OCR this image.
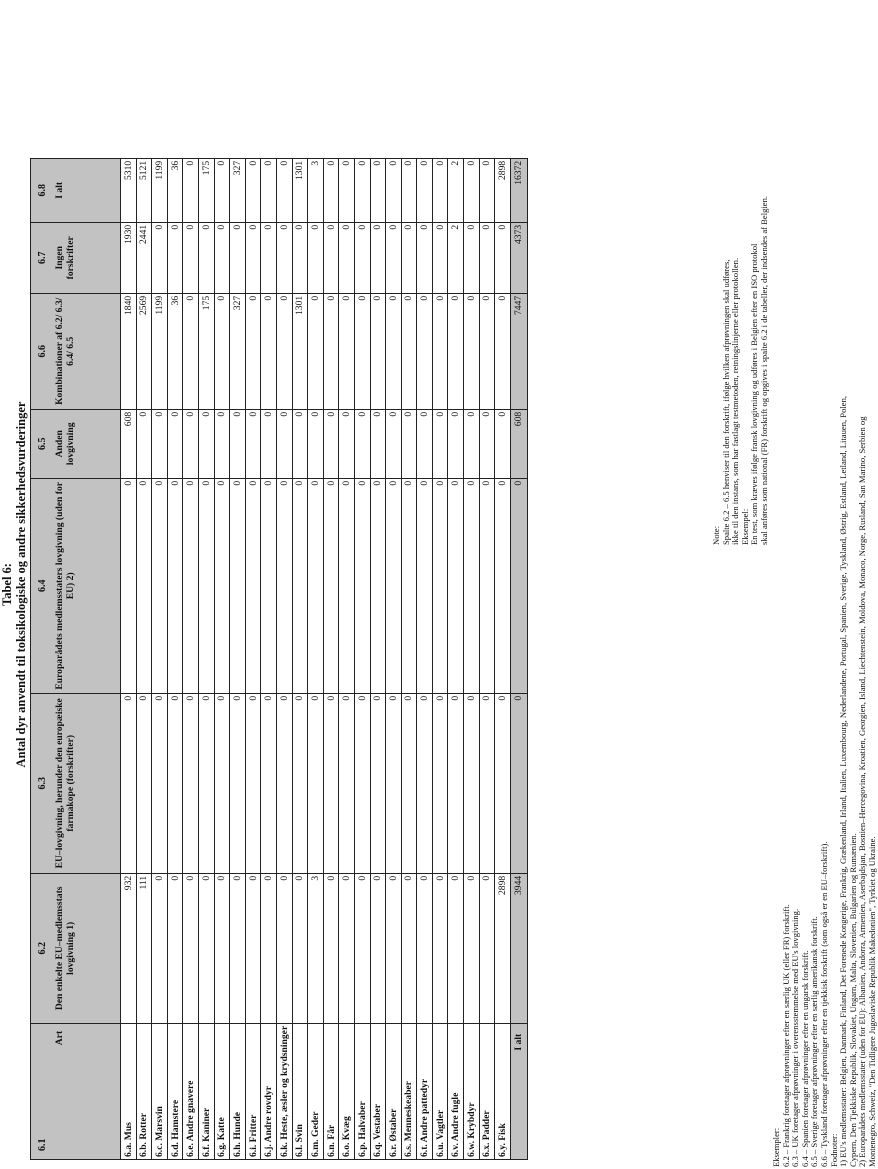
Tabel 6: Antal dyr anvendt til toksikologiske og andre sikkerhedsvurderinger
6.1
Art	6.2 Den enkelte EU–medlemsstats lovgivning 1)	6.3 EU–lovgivning, herunder den europæiske farmakope (forskrifter)	6.4 Europarådets medlemsstaters lovgivning (uden for EU) 2)	6.5 Anden lovgivning	6.6 Kombinationer af 6.2/ 6.3/ 6.4/ 6.5	6.7 Ingen forskrifter	6.8 I alt
6.a. Mus	932	0	0	608	1840	1930	5310
6.b. Rotter	111	0	0	0	2569	2441	5121
6.c. Marsvin	0	0	0	0	1199	0	1199
6.d. Hamstere	0	0	0	0	36	0	36
6.e. Andre gnavere	0	0	0	0	0	0	0
6.f. Kaniner	0	0	0	0	175	0	175
6.g. Katte	0	0	0	0	0	0	0
6.h. Hunde	0	0	0	0	327	0	327
6.i. Fritter	0	0	0	0	0	0	0
6.j. Andre rovdyr	0	0	0	0	0	0	0
6.k. Heste, æsler og krydsninger	0	0	0	0	0	0	0
6.l. Svin	0	0	0	0	1301	0	1301
6.m. Geder	3	0	0	0	0	0	3
6.n. Får	0	0	0	0	0	0	0
6.o. Kvæg	0	0	0	0	0	0	0
6.p. Halvaber	0	0	0	0	0	0	0
6.q. Vestaber	0	0	0	0	0	0	0
6.r. Østaber	0	0	0	0	0	0	0
6.s. Menneskeaber	0	0	0	0	0	0	0
6.t. Andre pattedyr	0	0	0	0	0	0	0
6.u. Vagtler	0	0	0	0	0	0	0
6.v. Andre fugle	0	0	0	0	0	2	2
6.w. Krybdyr	0	0	0	0	0	0	0
6.x. Padder	0	0	0	0	0	0	0
6.y. Fisk	2898	0	0	0	0	0	2898
I alt	3944	0	0	608	7447	4373	16372
Eksempler: 6.2 – Frankrig foretager afprøvninger efter en særlig UK (eller FR) forskrift. 6.3 – UK foretager afprøvninger i overensstemmelse med EU's lovgivning. 6.4 – Spanien foretager afprøvninger efter en ungarsk forskrift. 6.5 – Sverige foretager afprøvninger efter en særlig amerikansk forskrift. 6.6 – Tyskland foretager afprøvninger efter en tjekkisk forskrift (som også er en EU–forskrift). Fodnoter: 1) EU's medlemsstater: Belgien, Danmark, Finland, Det Forenede Kongerige, Frankrig, Grækenland, Irland, Italien, Luxembourg, Nederlandene, Portugal, Spanien, Sverige, Tyskland, Østrig, Estland, Letland, Litauen, Polen, Cypern, Den Tjekkiske Republik, Slovakiet, Ungarn, Malta, Slovenien, Bulgarien og Rumænien. 2) Europarådets medlemsstater (uden for EU): Albanien, Andorra, Armenien, Aserbajdsjan, Bosnien–Hercegovina, Kroatien, Georgien, Island, Liechtenstein, Moldova, Monaco, Norge, Rusland, San Marino, Serbien og Montenegro, Schweiz, "Den Tidligere Jugoslaviske Republik Makedonien", Tyrkiet og Ukraine.
Note: Spalte 6.2 – 6.5 henviser til den forskrift, ifølge hvilken afprøvningen skal udføres, ikke til den instans, som har fastlagt testmetoden, retningslinjerne eller protokollen. Eksempel: En test, som kræves ifølge fransk lovgivning og udføres i Belgien efter en ISO protokol skal anføres som national (FR) forskrift og opgives i spalte 6.2 i de tabeller, der indsendes af Belgien.
